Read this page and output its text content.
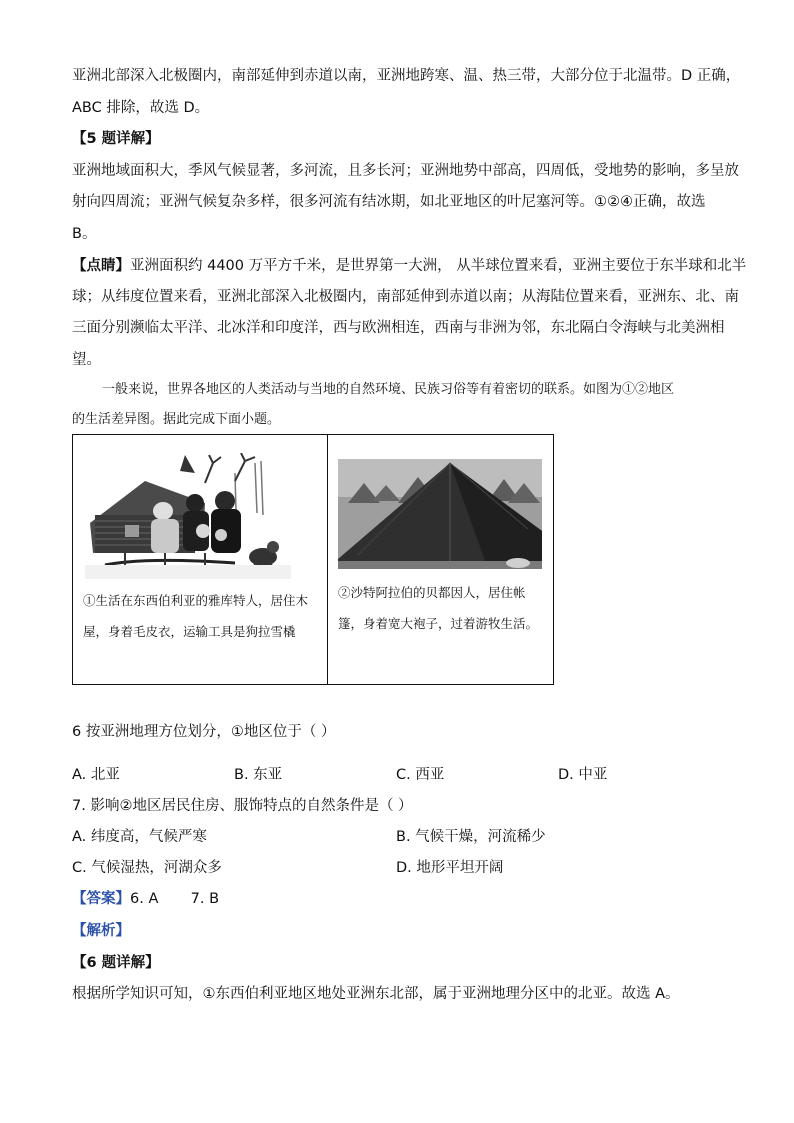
亚洲北部深入北极圈内，南部延伸到赤道以南，亚洲地跨寒、温、热三带，大部分位于北温带。D 正确，
ABC 排除，故选 D。
【5 题详解】
亚洲地域面积大，季风气候显著，多河流，且多长河；亚洲地势中部高，四周低，受地势的影响，多呈放
射向四周流；亚洲气候复杂多样，很多河流有结冰期，如北亚地区的叶尼塞河等。①②④正确，故选
B。
【点睛】亚洲面积约 4400 万平方千米，是世界第一大洲， 从半球位置来看，亚洲主要位于东半球和北半
球；从纬度位置来看，亚洲北部深入北极圈内，南部延伸到赤道以南；从海陆位置来看，亚洲东、北、南
三面分别濒临太平洋、北冰洋和印度洋，西与欧洲相连，西南与非洲为邻，东北隔白令海峡与北美洲相
望。
一般来说，世界各地区的人类活动与当地的自然环境、民族习俗等有着密切的联系。如图为①②地区
的生活差异图。据此完成下面小题。
①生活在东西伯利亚的雅库特人，居住木屋，身着毛皮衣，运输工具是狗拉雪橇
②沙特阿拉伯的贝都因人，居住帐篷，身着宽大袍子，过着游牧生活。
6 按亚洲地理方位划分，①地区位于（ ）
A. 北亚	B. 东亚	C. 西亚	D. 中亚
7. 影响②地区居民住房、服饰特点的自然条件是（ ）
A. 纬度高，气候严寒	B. 气候干燥，河流稀少
C. 气候湿热，河湖众多	D. 地形平坦开阔
【答案】6. A       7. B
【解析】
【6 题详解】
根据所学知识可知，①东西伯利亚地区地处亚洲东北部，属于亚洲地理分区中的北亚。故选 A。
